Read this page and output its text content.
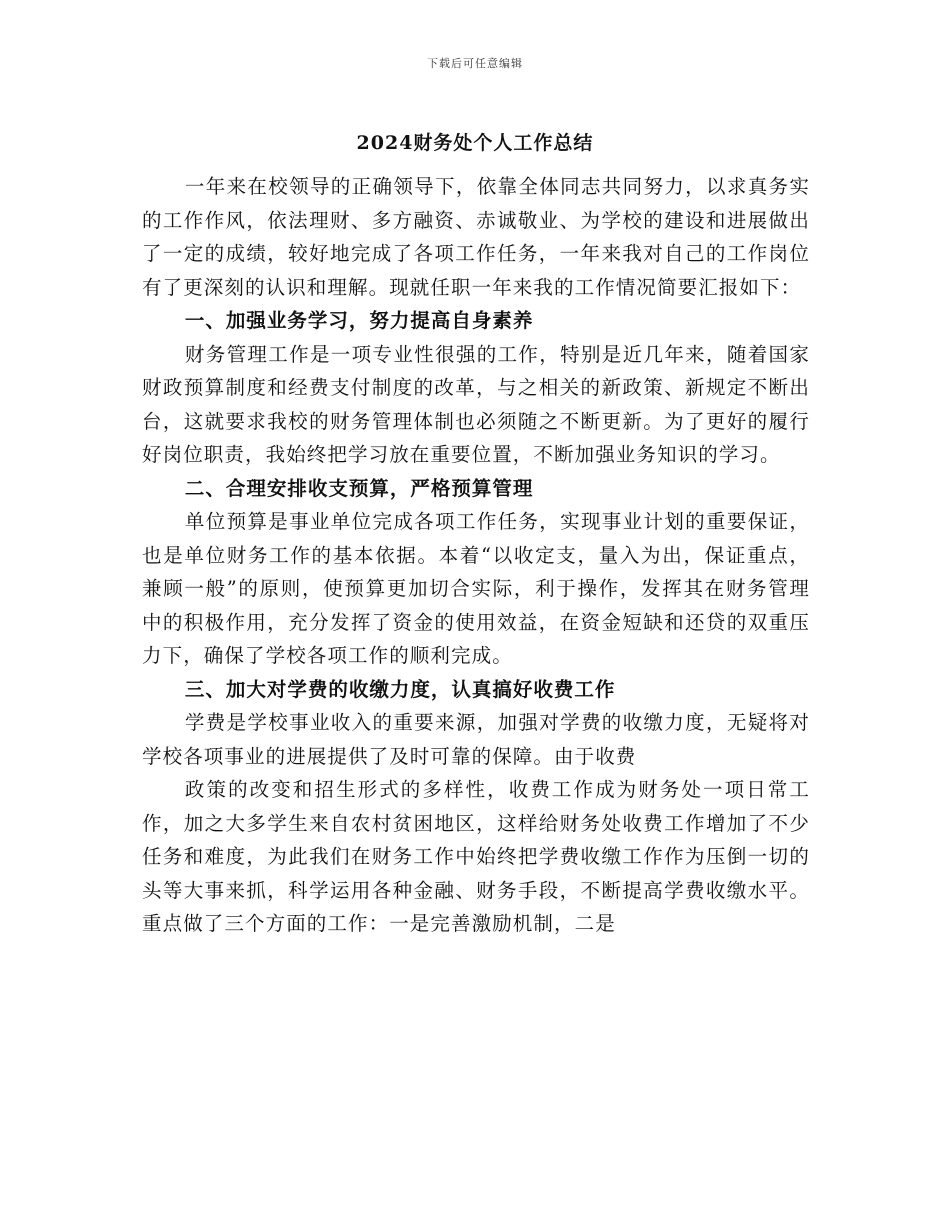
下载后可任意编辑
2024财务处个人工作总结

一年来在校领导的正确领导下，依靠全体同志共同努力，以求真务实的工作作风，依法理财、多方融资、赤诚敬业、为学校的建设和进展做出了一定的成绩，较好地完成了各项工作任务，一年来我对自己的工作岗位有了更深刻的认识和理解。现就任职一年来我的工作情况简要汇报如下：

一、加强业务学习，努力提高自身素养

财务管理工作是一项专业性很强的工作，特别是近几年来，随着国家财政预算制度和经费支付制度的改革，与之相关的新政策、新规定不断出台，这就要求我校的财务管理体制也必须随之不断更新。为了更好的履行好岗位职责，我始终把学习放在重要位置，不断加强业务知识的学习。

二、合理安排收支预算，严格预算管理

单位预算是事业单位完成各项工作任务，实现事业计划的重要保证，也是单位财务工作的基本依据。本着“以收定支，量入为出，保证重点，兼顾一般”的原则，使预算更加切合实际，利于操作，发挥其在财务管理中的积极作用，充分发挥了资金的使用效益，在资金短缺和还贷的双重压力下，确保了学校各项工作的顺利完成。

三、加大对学费的收缴力度，认真搞好收费工作

学费是学校事业收入的重要来源，加强对学费的收缴力度，无疑将对学校各项事业的进展提供了及时可靠的保障。由于收费

政策的改变和招生形式的多样性，收费工作成为财务处一项日常工作，加之大多学生来自农村贫困地区，这样给财务处收费工作增加了不少任务和难度，为此我们在财务工作中始终把学费收缴工作作为压倒一切的头等大事来抓，科学运用各种金融、财务手段，不断提高学费收缴水平。重点做了三个方面的工作：一是完善激励机制，二是
